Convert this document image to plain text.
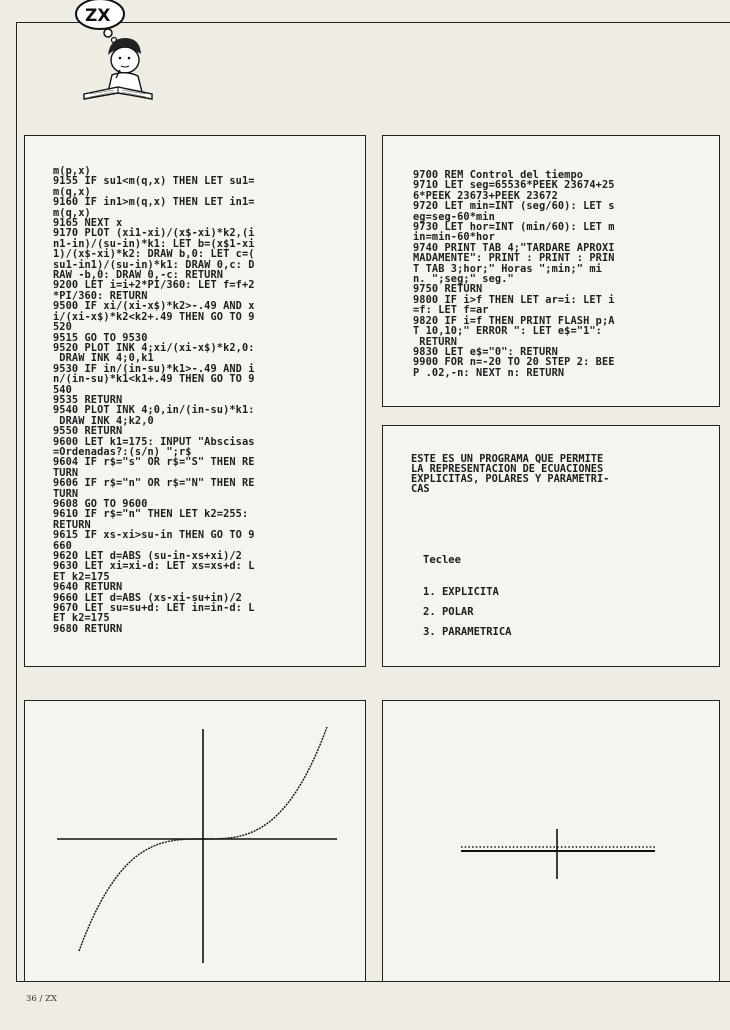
ZX
m(p,x)
9155 IF su1<m(q,x) THEN LET su1=
m(q,x)
9160 IF in1>m(q,x) THEN LET in1=
m(q,x)
9165 NEXT x
9170 PLOT (xi1-xi)/(x$-xi)*k2,(i
n1-in)/(su-in)*k1: LET b=(x$1-xi
1)/(x$-xi)*k2: DRAW b,0: LET c=(
su1-in1)/(su-in)*k1: DRAW 0,c: D
RAW -b,0: DRAW 0,-c: RETURN
9200 LET i=i+2*PI/360: LET f=f+2
*PI/360: RETURN
9500 IF xi/(xi-x$)*k2>-.49 AND x
i/(xi-x$)*k2<k2+.49 THEN GO TO 9
520
9515 GO TO 9530
9520 PLOT INK 4;xi/(xi-x$)*k2,0:
DRAW INK 4;0,k1
9530 IF in/(in-su)*k1>-.49 AND i
n/(in-su)*k1<k1+.49 THEN GO TO 9
540
9535 RETURN
9540 PLOT INK 4;0,in/(in-su)*k1:
DRAW INK 4;k2,0
9550 RETURN
9600 LET k1=175: INPUT "Abscisas
=Ordenadas?:(s/n) ";r$
9604 IF r$="s" OR r$="S" THEN RE
TURN
9606 IF r$="n" OR r$="N" THEN RE
TURN
9608 GO TO 9600
9610 IF r$="n" THEN LET k2=255:
RETURN
9615 IF xs-xi>su-in THEN GO TO 9
660
9620 LET d=ABS (su-in-xs+xi)/2
9630 LET xi=xi-d: LET xs=xs+d: L
ET k2=175
9640 RETURN
9660 LET d=ABS (xs-xi-su+in)/2
9670 LET su=su+d: LET in=in-d: L
ET k2=175
9680 RETURN
9700 REM Control del tiempo
9710 LET seg=65536*PEEK 23674+25
6*PEEK 23673+PEEK 23672
9720 LET min=INT (seg/60): LET s
eg=seg-60*min
9730 LET hor=INT (min/60): LET m
in=min-60*hor
9740 PRINT TAB 4;"TARDARE APROXI
MADAMENTE": PRINT : PRINT : PRIN
T TAB 3;hor;" Horas ";min;" mi
n. ";seg;" seg."
9750 RETURN
9800 IF i>f THEN LET ar=i: LET i
=f: LET f=ar
9820 IF i=f THEN PRINT FLASH p;A
T 10,10;" ERROR ": LET e$="1":
RETURN
9830 LET e$="0": RETURN
9900 FOR n=-20 TO 20 STEP 2: BEE
P .02,-n: NEXT n: RETURN
ESTE ES UN PROGRAMA QUE PERMITE
LA REPRESENTACION DE ECUACIONES
EXPLICITAS, POLARES Y PARAMETRI-
CAS
Teclee
1. EXPLICITA
2. POLAR
3. PARAMETRICA
36 / ZX
